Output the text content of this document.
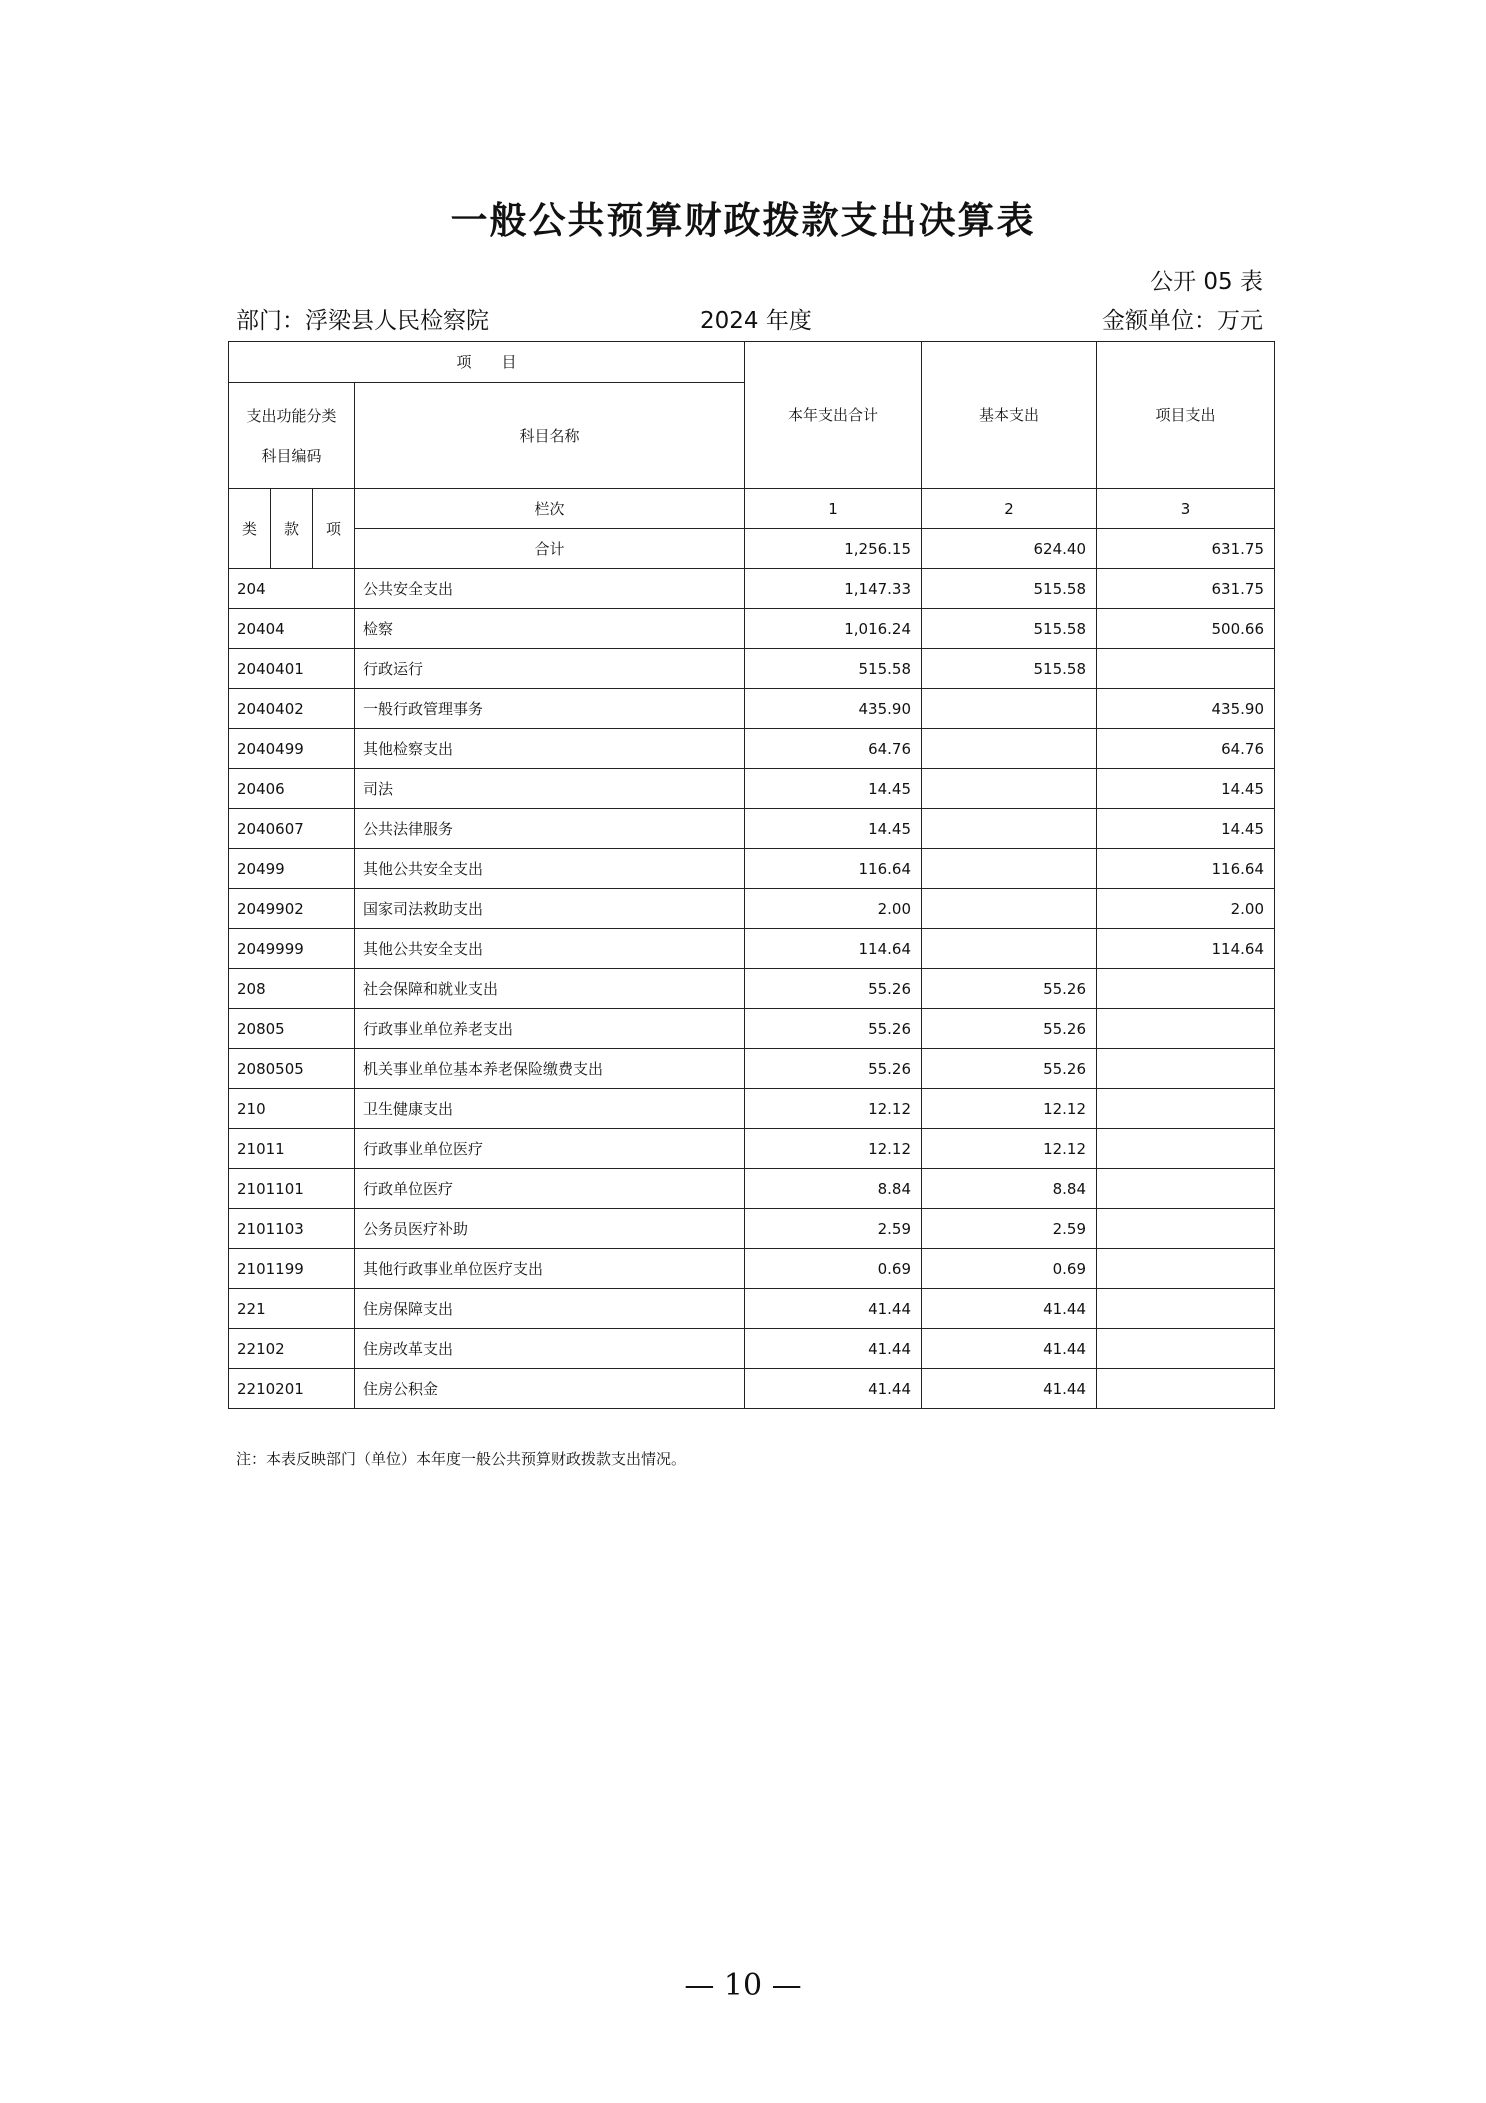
一般公共预算财政拨款支出决算表
公开 05 表
部门：浮梁县人民检察院	2024 年度	金额单位：万元
项　　目				本年支出合计	基本支出	项目支出

支出功能分类
科目编码			科目名称			
类	款	项	栏次	1	2	3
			合计	1,256.15	624.40	631.75
204			公共安全支出	1,147.33	515.58	631.75
20404			检察	1,016.24	515.58	500.66
2040401			行政运行	515.58	515.58	
2040402			一般行政管理事务	435.90		435.90
2040499			其他检察支出	64.76		64.76
20406			司法	14.45		14.45
2040607			公共法律服务	14.45		14.45
20499			其他公共安全支出	116.64		116.64
2049902			国家司法救助支出	2.00		2.00
2049999			其他公共安全支出	114.64		114.64
208			社会保障和就业支出	55.26	55.26	
20805			行政事业单位养老支出	55.26	55.26	
2080505			机关事业单位基本养老保险缴费支出	55.26	55.26	
210			卫生健康支出	12.12	12.12	
21011			行政事业单位医疗	12.12	12.12	
2101101			行政单位医疗	8.84	8.84	
2101103			公务员医疗补助	2.59	2.59	
2101199			其他行政事业单位医疗支出	0.69	0.69	
221			住房保障支出	41.44	41.44	
22102			住房改革支出	41.44	41.44	
2210201			住房公积金	41.44	41.44	
注：本表反映部门（单位）本年度一般公共预算财政拨款支出情况。
— 10 —
